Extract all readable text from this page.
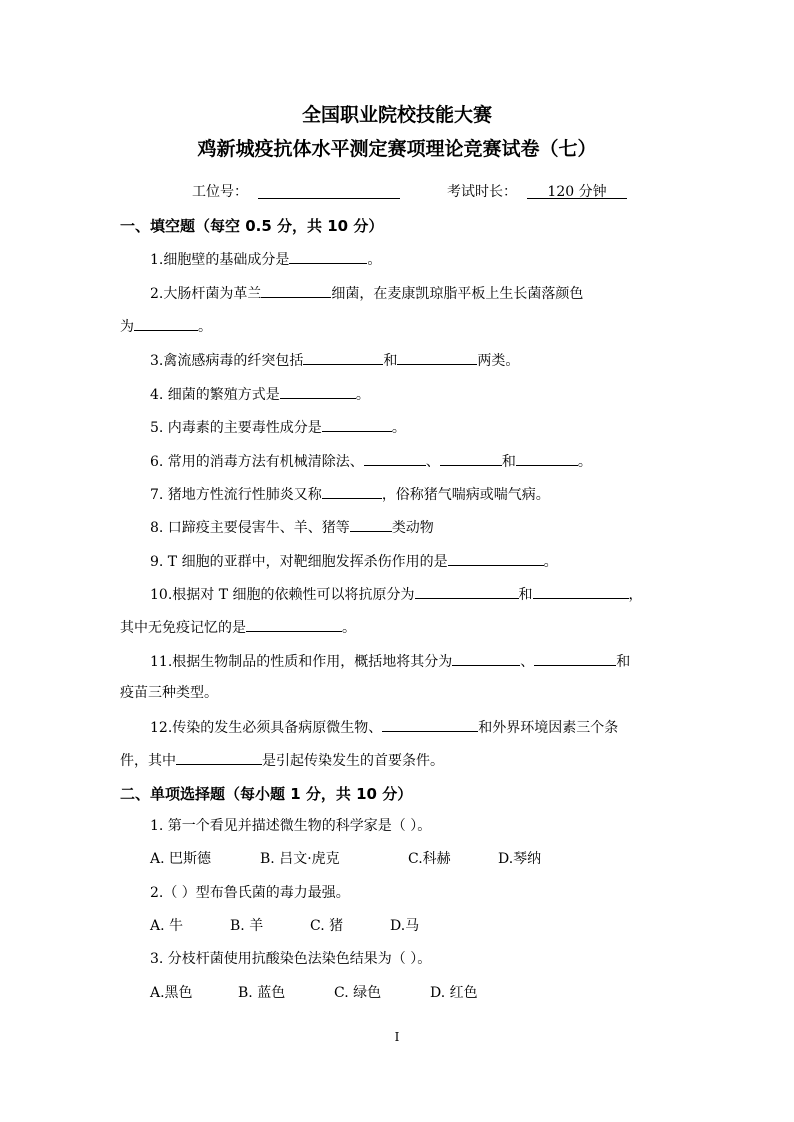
全国职业院校技能大赛
鸡新城疫抗体水平测定赛项理论竞赛试卷（七）
工位号：	考试时长：	120 分钟
一、填空题（每空 0.5 分，共 10 分）
1.细胞壁的基础成分是	。
2.大肠杆菌为革兰	细菌，在麦康凯琼脂平板上生长菌落颜色
为	。
3.禽流感病毒的纤突包括	和	两类。
4. 细菌的繁殖方式是	。
5. 内毒素的主要毒性成分是	。
6. 常用的消毒方法有机械清除法、	、	和	。
7. 猪地方性流行性肺炎又称	，俗称猪气喘病或喘气病。
8. 口蹄疫主要侵害牛、羊、猪等	类动物
9. T 细胞的亚群中，对靶细胞发挥杀伤作用的是	。
10.根据对 T 细胞的依赖性可以将抗原分为	和	，
其中无免疫记忆的是	。
11.根据生物制品的性质和作用，概括地将其分为	、	和
疫苗三种类型。
12.传染的发生必须具备病原微生物、	和外界环境因素三个条
件，其中	是引起传染发生的首要条件。
二、单项选择题（每小题 1 分，共 10 分）
1. 第一个看见并描述微生物的科学家是（ ）。
A. 巴斯德	B. 吕文·虎克	C.科赫	D.琴纳
2.（ ）型布鲁氏菌的毒力最强。
A. 牛	B. 羊	C. 猪	D.马
3. 分枝杆菌使用抗酸染色法染色结果为（ ）。
A.黑色	B. 蓝色	C. 绿色	D. 红色
I
